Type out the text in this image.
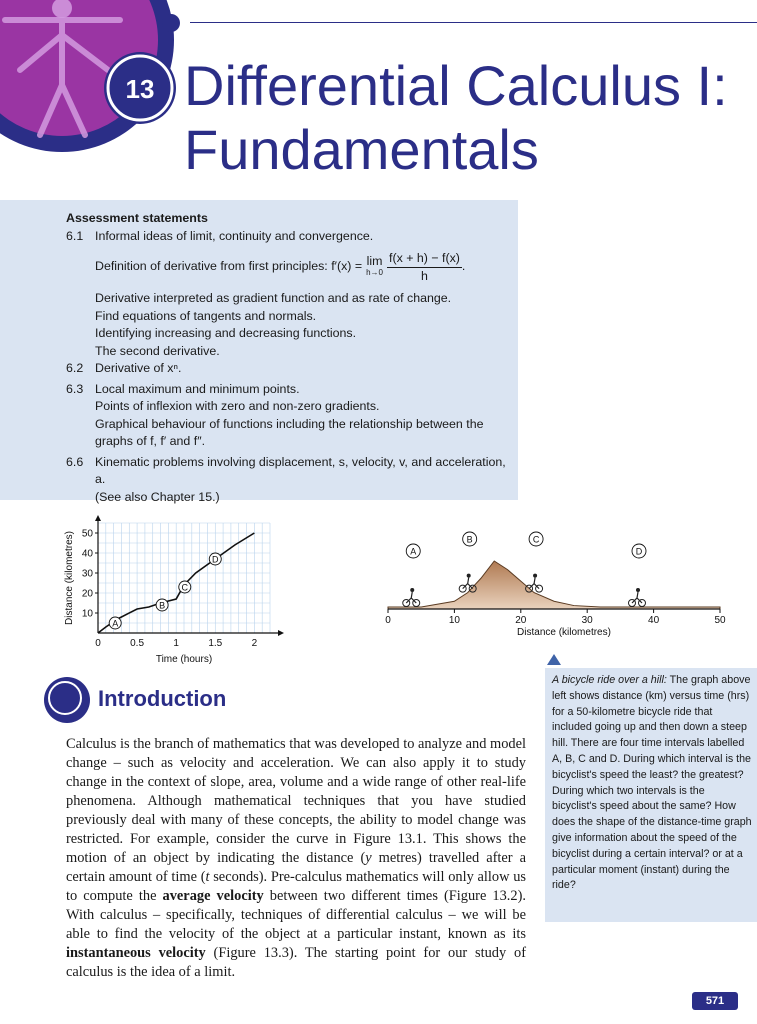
13 Differential Calculus I:
Fundamentals
Assessment statements
6.1 Informal ideas of limit, continuity and convergence.
Definition of derivative from first principles: f′(x) = lim
$h\to 0 \frac{f(x + h) - f(x)}{h}$ .
Derivative interpreted as gradient function and as rate of change.
Find equations of tangents and normals.
Identifying increasing and decreasing functions.
The second derivative.
6.2 Derivative of xⁿ.
6.3 Local maximum and minimum points.
Points of inflexion with zero and non-zero gradients.
Graphical behaviour of functions including the relationship between the
graphs of f, f′ and f″.
6.6 Kinematic problems involving displacement, s, velocity, v, and acceleration, a.
(See also Chapter 15.)
0	0.5	1	1.5	2
10
20
30
40
50
A
B
C
D
Time (hours)
Distance (kilometres)	0	10	20	30	40	50
A
B	C
D
Distance (kilometres)
Introduction
Calculus is the branch of mathematics that was developed to analyze and model change – such as velocity and acceleration. We can also apply it to study change in the context of slope, area, volume and a wide range of other real-life phenomena. Although mathematical techniques that you have studied previously deal with many of these concepts, the ability to model change was restricted. For example, consider the curve in Figure 13.1. This shows the motion of an object by indicating the distance (y metres) travelled after a certain amount of time (t seconds). Pre-calculus mathematics will only allow us to compute the average velocity between two different times (Figure 13.2). With calculus – specifically, techniques of differential calculus – we will be able to find the velocity of the object at a particular instant, known as its instantaneous velocity (Figure 13.3). The starting point for our study of calculus is the idea of a limit.
A bicycle ride over a hill: The graph above left shows distance (km) versus time (hrs) for a 50-kilometre bicycle ride that included going up and then down a steep hill. There are four time intervals labelled A, B, C and D. During which interval is the bicyclist's speed the least? the greatest? During which two intervals is the bicyclist's speed about the same? How does the shape of the distance-time graph give information about the speed of the bicyclist during a certain interval? or at a particular moment (instant) during the ride?
571
